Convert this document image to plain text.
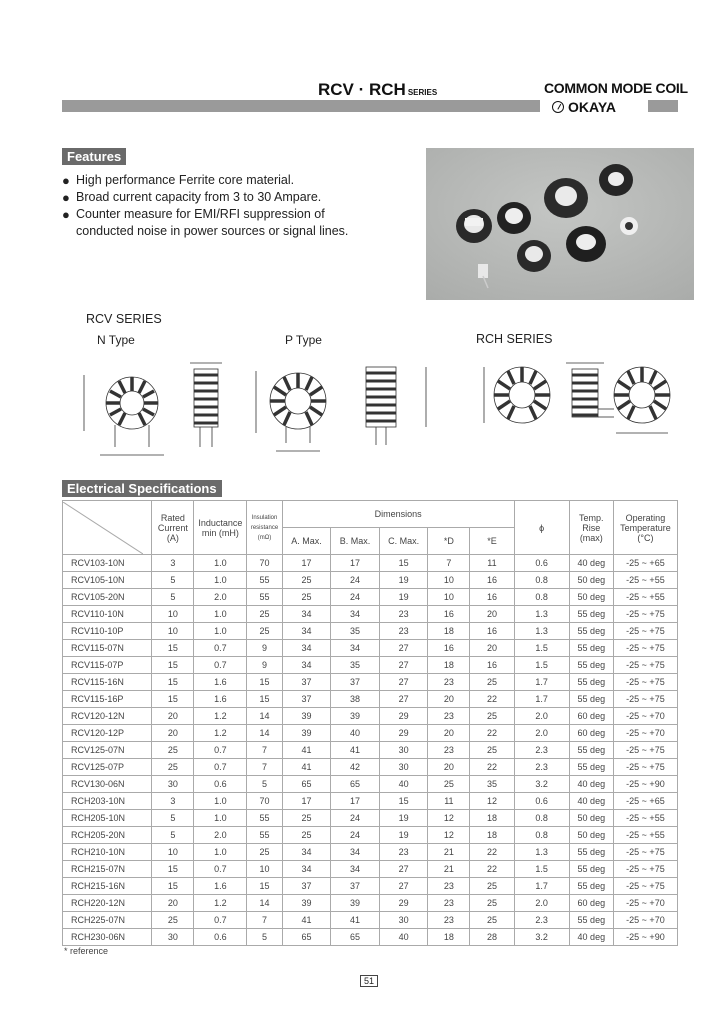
RCV · RCH SERIES	COMMON MODE COIL
OKAYA
Features
● High performance Ferrite core material.
● Broad current capacity from 3 to 30 Ampare.
● Counter measure for EMI/RFI suppression of
conducted noise in power sources or signal lines.
RCV SERIES
N Type	P Type	RCH SERIES
Electrical Specifications
	Rated Current (A)	Inductance min (mH)	Insulation resistance (mΩ)	Dimensions					ϕ	Temp. Rise (max)	Operating Temperature (°C)
				A. Max.	B. Max.	C. Max.	*D	*E			
RCV103-10N	3	1.0	70	17	17	15	7	11	0.6	40 deg	-25 ~ +65
RCV105-10N	5	1.0	55	25	24	19	10	16	0.8	50 deg	-25 ~ +55
RCV105-20N	5	2.0	55	25	24	19	10	16	0.8	50 deg	-25 ~ +55
RCV110-10N	10	1.0	25	34	34	23	16	20	1.3	55 deg	-25 ~ +75
RCV110-10P	10	1.0	25	34	35	23	18	16	1.3	55 deg	-25 ~ +75
RCV115-07N	15	0.7	9	34	34	27	16	20	1.5	55 deg	-25 ~ +75
RCV115-07P	15	0.7	9	34	35	27	18	16	1.5	55 deg	-25 ~ +75
RCV115-16N	15	1.6	15	37	37	27	23	25	1.7	55 deg	-25 ~ +75
RCV115-16P	15	1.6	15	37	38	27	20	22	1.7	55 deg	-25 ~ +75
RCV120-12N	20	1.2	14	39	39	29	23	25	2.0	60 deg	-25 ~ +70
RCV120-12P	20	1.2	14	39	40	29	20	22	2.0	60 deg	-25 ~ +70
RCV125-07N	25	0.7	7	41	41	30	23	25	2.3	55 deg	-25 ~ +75
RCV125-07P	25	0.7	7	41	42	30	20	22	2.3	55 deg	-25 ~ +75
RCV130-06N	30	0.6	5	65	65	40	25	35	3.2	40 deg	-25 ~ +90
RCH203-10N	3	1.0	70	17	17	15	11	12	0.6	40 deg	-25 ~ +65
RCH205-10N	5	1.0	55	25	24	19	12	18	0.8	50 deg	-25 ~ +55
RCH205-20N	5	2.0	55	25	24	19	12	18	0.8	50 deg	-25 ~ +55
RCH210-10N	10	1.0	25	34	34	23	21	22	1.3	55 deg	-25 ~ +75
RCH215-07N	15	0.7	10	34	34	27	21	22	1.5	55 deg	-25 ~ +75
RCH215-16N	15	1.6	15	37	37	27	23	25	1.7	55 deg	-25 ~ +75
RCH220-12N	20	1.2	14	39	39	29	23	25	2.0	60 deg	-25 ~ +70
RCH225-07N	25	0.7	7	41	41	30	23	25	2.3	55 deg	-25 ~ +70
RCH230-06N	30	0.6	5	65	65	40	18	28	3.2	40 deg	-25 ~ +90
* reference
51
